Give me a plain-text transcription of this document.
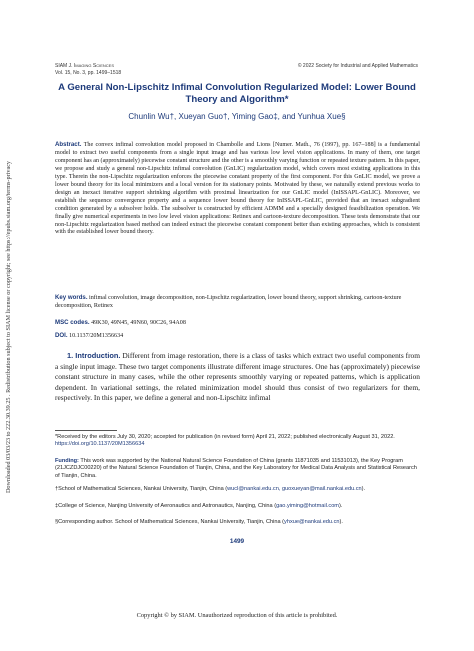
Downloaded 03/03/23 to 222.30.39.25 . Redistribution subject to SIAM license or copyright; see https://epubs.siam.org/terms-privacy
SIAM J. Imaging Sciences
Vol. 15, No. 3, pp. 1499–1518
© 2022 Society for Industrial and Applied Mathematics
A General Non-Lipschitz Infimal Convolution Regularized Model: Lower Bound
Theory and Algorithm*
Chunlin Wu†, Xueyan Guo†, Yiming Gao‡, and Yunhua Xue§
Abstract. The convex infimal convolution model proposed in Chambolle and Lions [Numer. Math., 76 (1997), pp. 167–188] is a fundamental model to extract two useful components from a single input image and has various low level vision applications. In many of them, one target component has an (approximately) piecewise constant structure and the other is a smoothly varying function or repeated texture pattern. In this paper, we propose and study a general non-Lipschitz infimal convolution (GnLIC) regularization model, which covers most existing applications in this type. Therein the non-Lipschitz regularization enforces the piecewise constant property of the first component. For this GnLIC model, we prove a lower bound theory for its local minimizers and a local version for its stationary points. Motivated by these, we naturally extend previous works to design an inexact iterative support shrinking algorithm with proximal linearization for our GnLIC model (InISSAPL-GnLIC). Moreover, we establish the sequence convergence property and a sequence lower bound theory for InISSAPL-GnLIC, provided that an inexact subgradient condition generated by a subsolver holds. The subsolver is constructed by efficient ADMM and a specially designed feasibilization operation. We finally give numerical experiments in two low level vision applications: Retinex and cartoon-texture decomposition. These tests demonstrate that our non-Lipschitz regularization based method can indeed extract the piecewise constant component better than existing approaches, which is consistent with the established lower bound theory.
Key words. infimal convolution, image decomposition, non-Lipschitz regularization, lower bound theory, support shrinking, cartoon-texture decomposition, Retinex
MSC codes. 49K30, 49N45, 49N60, 90C26, 94A08
DOI. 10.1137/20M1356634
1. Introduction. Different from image restoration, there is a class of tasks which extract two useful components from a single input image. These two target components illustrate different image structures. One has (approximately) piecewise constant structure in many cases, while the other represents smoothly varying or repeated patterns, which is application dependent. In variational settings, the related minimization model should thus consist of two regularizers for them, respectively. In this paper, we define a general and non-Lipschitz infimal
*Received by the editors July 30, 2020; accepted for publication (in revised form) April 21, 2022; published electronically August 31, 2022. https://doi.org/10.1137/20M1356634
Funding: This work was supported by the National Natural Science Foundation of China (grants 11871035 and 11531013), the Key Program (21JCZDJC00220) of the Natural Science Foundation of Tianjin, China, and the Key Laboratory for Medical Data Analysis and Statistical Research of Tianjin, China.
†School of Mathematical Sciences, Nankai University, Tianjin, China (wucl@nankai.edu.cn, guoxueyan@mail.nankai.edu.cn).
‡College of Science, Nanjing University of Aeronautics and Astronautics, Nanjing, China (gao.yiming@hotmail.com).
§Corresponding author. School of Mathematical Sciences, Nankai University, Tianjin, China (yhxue@nankai.edu.cn).
1499
Copyright © by SIAM. Unauthorized reproduction of this article is prohibited.
